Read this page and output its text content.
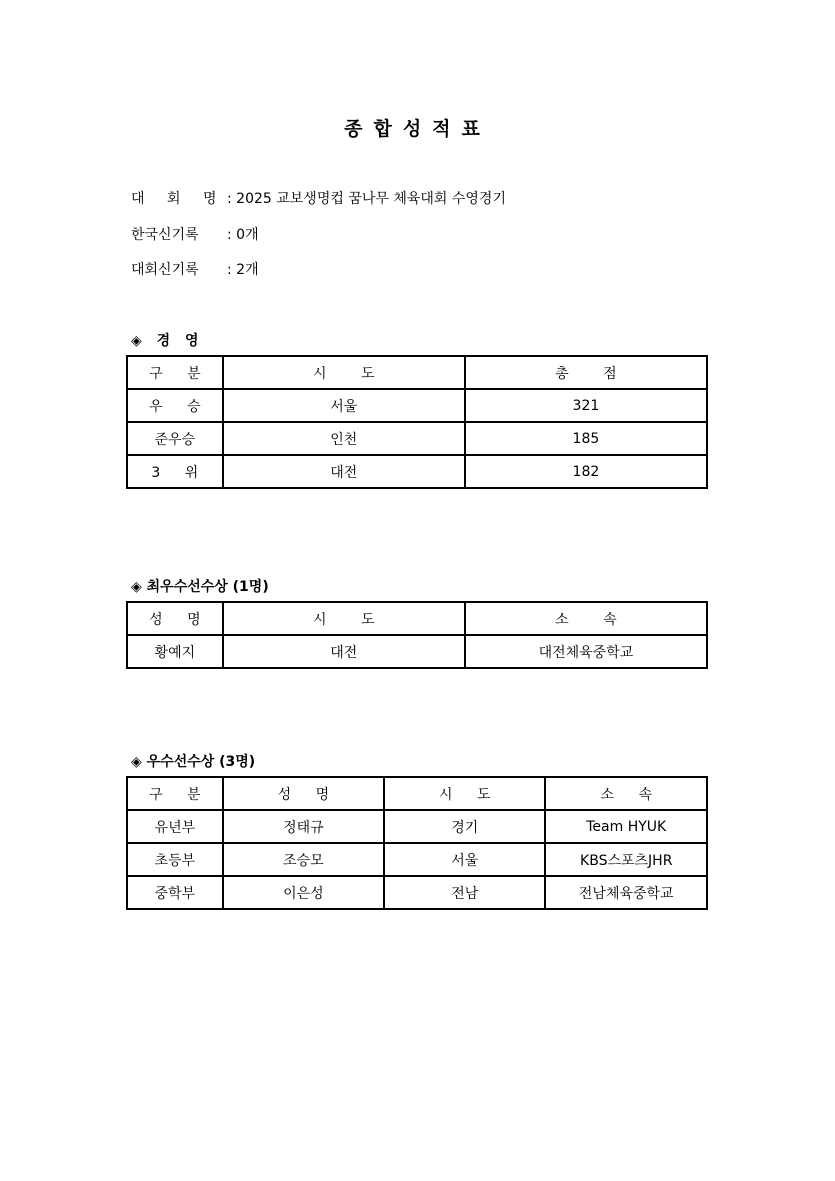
종합성적표
대 회 명 : 2025 교보생명컵 꿈나무 체육대회 수영경기
한국신기록 : 0개
대회신기록 : 2개
◈ 경 영
구 분	시 도	총 점
우 승	서울	321
준우승	인천	185
3 위	대전	182
◈ 최우수선수상 (1명)
성 명	시 도	소 속
황예지	대전	대전체육중학교
◈ 우수선수상 (3명)
구 분	성 명	시 도	소 속
유년부	정태규	경기	Team HYUK
초등부	조승모	서울	KBS스포츠JHR
중학부	이은성	전남	전남체육중학교
